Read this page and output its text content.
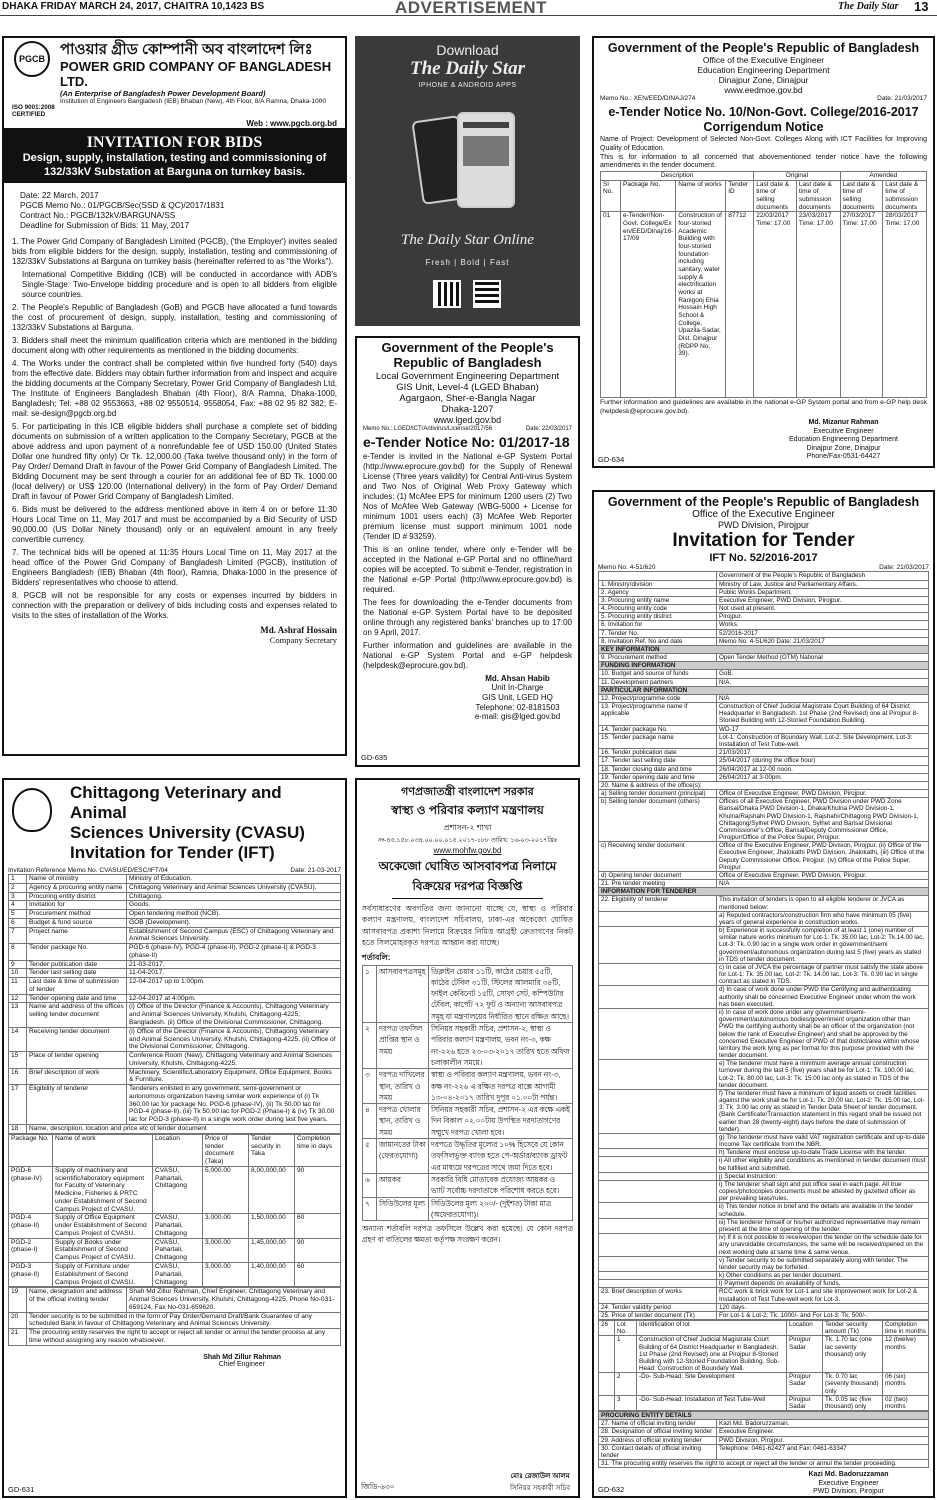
DHAKA FRIDAY MARCH 24, 2017, CHAITRA 10,1423 BS	ADVERTISEMENT	The Daily Star 13
PGCB
পাওয়ার গ্রীড কোম্পানী অব বাংলাদেশ লিঃ
POWER GRID COMPANY OF BANGLADESH LTD.
(An Enterprise of Bangladesh Power Development Board)
Institution of Engineers Bangladesh (IEB) Bhaban (New), 4th Floor, 8/A Ramna, Dhaka-1000
ISO 9001:2008 CERTIFIED
Web : www.pgcb.org.bd
INVITATION FOR BIDS
Design, supply, installation, testing and commissioning of 132/33kV Substation at Barguna on turnkey basis.
Date: 22 March, 2017
PGCB Memo No.: 01/PGCB/Sec(SSD & QC)/2017/1831
Contract No.: PGCB/132kV/BARGUNA/SS
Deadline for Submission of Bids: 11 May, 2017

1. The Power Grid Company of Bangladesh Limited (PGCB), ('the Employer') invites sealed bids from eligible bidders for the design, supply, installation, testing and commissioning of 132/33kV Substations at Barguna on turnkey basis (hereinafter referred to as "the Works").

International Competitive Bidding (ICB) will be conducted in accordance with ADB's Single-Stage: Two-Envelope bidding procedure and is open to all bidders from eligible source countries.

2. The People's Republic of Bangladesh (GoB) and PGCB have allocated a fund towards the cost of procurement of design, supply, installation, testing and commissioning of 132/33kV Substations at Barguna.

3. Bidders shall meet the minimum qualification criteria which are mentioned in the bidding document along with other requirements as mentioned in the bidding documents:

4. The Works under the contract shall be completed within five hundred forty (540) days from the effective date. Bidders may obtain further information from and inspect and acquire the bidding documents at the Company Secretary, Power Grid Company of Bangladesh Ltd, The Institute of Engineers Bangladesh Bhaban (4th Floor), 8/A Ramna, Dhaka-1000, Bangladesh; Tel: +88 02 9553663, +88 02 9550514, 9558054, Fax: +88 02 95 82 382; E-mail: se-design@pgcb.org.bd

5. For participating in this ICB eligible bidders shall purchase a complete set of bidding documents on submission of a written application to the Company Secretary, PGCB at the above address and upon payment of a nonrefundable fee of USD 150.00 (United States Dollar one hundred fifty only) Or Tk. 12,000.00 (Taka twelve thousand only) in the form of Pay Order/ Demand Draft in favour of the Power Grid Company of Bangladesh Limited. The Bidding Document may be sent through a courier for an additional fee of BD Tk. 1000.00 (local delivery) or US$ 120.00 (International delivery) in the form of Pay Order/ Demand Draft in favour of Power Grid Company of Bangladesh Limited.

6. Bids must be delivered to the address mentioned above in item 4 on or before 11:30 Hours Local Time on 11, May 2017 and must be accompanied by a Bid Security of USD 90,000.00 (US Dollar Ninety thousand) only or an equivalent amount in any freely convertible currency.

7. The technical bids will be opened at 11:35 Hours Local Time on 11, May 2017 at the head office of the Power Grid Company of Bangladesh Limited (PGCB), Institution of Engineers Bangladesh (IEB) Bhaban (4th floor), Ramna, Dhaka-1000 in the presence of Bidders' representatives who choose to attend.

8. PGCB will not be responsible for any costs or expenses incurred by bidders in connection with the preparation or delivery of bids including costs and expenses related to visits to the sites of installation of the Works.

Md. Ashraf Hossain
Company Secretary
Download
The Daily Star
IPHONE & ANDROID APPS
The Daily Star Online
Fresh | Bold | Fast
Government of the People's Republic of Bangladesh
Local Government Engineering Department
GIS Unit, Level-4 (LGED Bhaban)
Agargaon, Sher-e-Bangla Nagar
Dhaka-1207
www.lged.gov.bd
Memo No.: LGED/ICT/Antivirus/License/2017/56	Date: 22/03/2017
e-Tender Notice No: 01/2017-18

e-Tender is invited in the National e-GP System Portal (http://www.eprocure.gov.bd) for the Supply of Renewal License (Three years validity) for Central Anti-virus System and Two Nos of Original Web Proxy Gateway which includes: (1) McAfee EPS for minimum 1200 users (2) Two Nos of McAfee Web Gateway (WBG-5000 + License for minimum 1001 users each) (3) McAfee Web Reporter premium license must support minimum 1001 node (Tender ID # 93259).

This is an online tender, where only e-Tender will be accepted in the National e-GP Portal and no offline/hard copies will be accepted. To submit e-Tender, registration in the National e-GP Portal (http://www.eprocure.gov.bd) is required.

The fees for downloading the e-Tender documents from the National e-GP System Portal have to be deposited online through any registered banks' branches up to 17:00 on 9 April, 2017.

Further information and guidelines are available in the National e-GP System Portal and e-GP helpdesk (helpdesk@eprocure.gov.bd).

Md. Ahsan Habib
Unit In-Charge
GIS Unit, LGED HQ
Telephone: 02-8181503
e-mail: gis@lged.gov.bd
GD-635
Government of the People's Republic of Bangladesh
Office of the Executive Engineer
Education Engineering Department
Dinajpur Zone, Dinajpur
www.eedmoe.gov.bd
Memo No.: XEN/EED/DINAJ/274	Date: 21/03/2017
e-Tender Notice No. 10/Non-Govt. College/2016-2017
Corrigendum Notice

Name of Project: Development of Selected Non-Govt. Colleges Along with ICT Facilities for Improving Quality of Education.

This is for information to all concerned that abovementioned tender notice have the following amendments in the tender document.

Description				Original		Amended	
Sl No.	Package No.	Name of works	Tender ID	Last date & time of selling documents	Last date & time of submission documents	Last date & time of selling documents	Last date & time of submission documents
01	e-Tender/Non-Govt. College/Ex en/EED/Dinaj/16-17/09	Construction of four-storied Academic Building with four-storied foundation including sanitary, water supply & electrification works at Ranigonj Ehia Hossain High School & College, Upazila-Sadar, Dist. Dinajpur (RDPP No. 39).	87712	22/03/2017 Time: 17.00	23/03/2017 Time: 17.00	27/03/2017 Time: 17.00	28/03/2017 Time: 17.00

Further information and guidelines are available in the national e-GP System portal and from e-GP help desk (helpdesk@eprocure.gov.bd).

Md. Mizanur Rahman
Executive Engineer
Education Engineering Department
Dinajpur Zone, Dinajpur
Phone/Fax-0531-64427
GD-634
Government of the People's Republic of Bangladesh
Office of the Executive Engineer
PWD Division, Pirojpur
Invitation for Tender
IFT No. 52/2016-2017
Memo No. 4-51/620	Date: 21/03/2017
	Government of the People's Republic of Bangladesh
1. Ministry/division	Ministry of Law, Justice and Parliamentary Affairs.
2. Agency	Public Works Department.
3. Procuring entity name	Executive Engineer, PWD Division, Pirojpur.
4. Procuring entity code	Not used at present.
5. Procuring entity district	Pirojpur.
6. Invitation for	Works.
7. Tender No.	52/2016-2017
8. Invitation Ref. No and date	Memo No. 4-51/620 Date: 21/03/2017
KEY INFORMATION	
9. Procurement method	Open Tender Method (OTM) National
FUNDING INFORMATION	
10. Budget and source of funds	GoB.
11. Development partners	N/A.
PARTICULAR INFORMATION	
12. Project/programme code	N/A
13. Project/programme name if applicable	Construction of Chief Judicial Magistrate Court Building of 64 District Headquarter in Bangladesh. 1st Phase (2nd Revised) one at Pirojpur 8-Storied Building with 12-Storied Foundation Building.
14. Tender package No.	WD-17
15. Tender package name	Lot-1: Construction of Boundary Wall, Lot-2: Site Development, Lot-3: Installation of Test Tube-well.
16. Tender publication date	21/03/2017
17. Tender last selling date	25/04/2017 (during the office hour)
18. Tender closing date and time	26/04/2017 at 12-00 noon.
19. Tender opening date and time	26/04/2017 at 3-00pm.
20. Name & address of the office(s):	
a) Selling tender document (principal)	Office of Executive Engineer, PWD Division, Pirojpur.
b) Selling tender document (others)	Offices of all Executive Engineer, PWD Division under PWD Zone Barisal/Dhaka PWD Division-1, Dhaka/Khulna PWD Division-1, Khulna/Rajshahi PWD Division-1, Rajshahi/Chittagong PWD Division-1, Chittagong/Sylhet PWD Division, Sylhet and Barisal Divisional Commissioner's Office, Barisal/Deputy Commissioner Office, Pirojpur/Office of the Police Super, Pirojpur.
c) Receiving tender document	Office of the Executive Engineer, PWD Division, Pirojpur. (ii) Office of the Executive Engineer, Jhalokathi PWD Division, Jhalokathi, (iii) Office of the Deputy Commissioner Office, Pirojpur. (iv) Office of the Police Super, Pirojpur.
d) Opening tender document	Office of Executive Engineer, PWD Division, Pirojpur.
21. Pre tender meeting	N/A
INFORMATION FOR TENDERER	
22. Eligibility of tenderer	This invitation of tenders is open to all eligible tenderer or JVCA as mentioned below:
	a) Reputed contractors/construction firm who have minimum 05 (five) years of general experience in construction works.
	b) Experience in successfully completion of at least 1 (one) number of similar nature works minimum for Lot-1: Tk. 35.00 lac, Lot-2: Tk.14.00 lac, Lot-3: Tk. 0.90 lac in a single work order in government/semi government/autonomous organization during last 5 (five) years as stated in TDS of tender document.
	c) In case of JVCA the percentage of partner must satisfy the state above for Lot-1: Tk. 35.00 lac, Lot-2: Tk. 14.00 lac, Lot-3: Tk. 0.90 lac in single contract as stated in TDS.
	d) In case of work done under PWD the Certifying and authenticating authority shall be concerned Executive Engineer under whom the work has been executed.
	ii) In case of work done under any government/semi-government/autonomous bodies/government organization other than PWD the certifying authority shall be an officer of the organization (not below the rank of Executive Engineer) and shall be approved by the concerned Executive Engineer of PWD of that district/area within whose territory the work lying as per format for this purpose provided with the tender document.
	e) The tenderer must have a minimum average annual construction turnover during the last 5 (five) years shall be for Lot-1: Tk. 100.00 lac, Lot-2: Tk. 80.00 lac, Lot-3: Tk. 15.00 lac only as stated in TDS of the tender document.
	f) The tenderer must have a minimum of liquid assets or credit facilities against the work shall be for Lot-1: Tk. 20.00 lac, Lot-2: Tk. 15.00 lac, Lot-3: Tk. 3.00 lac only as stated in Tender Data Sheet of tender document. (Bank Certificate/Transaction statement in this regard shall be issued not earlier than 28 (twenty-eight) days before the date of submission of tender).
	g) The tenderer must have valid VAT registration certificate and up-to-date Income Tax certificate from the NBR.
	h) Tenderer must enclose up-to-date Trade License with the tender.
	i) All other eligibility and conditions as mentioned in tender document must be fulfilled and submitted.
	j) Special instruction:
	i) The tenderer shall sign and put office seal in each page. All true copies/photocopies documents must be attested by gazetted officer as per prevailing laws/rules.
	ii) This tender notice in brief and the details are available in the tender schedule.
	iii) The tenderer himself or his/her authorized representative may remain present at the time of opening of the tender.
	iv) If it is not possible to receive/open the tender on the schedule date for any unavoidable circumstances, the same will be received/opened on the next working date at same time & same venue.
	v) Tender security to be submitted separately along with tender. The tender security may be forfeited.
	k) Other conditions as per tender document.
	l) Payment depends on availability of funds.
23. Brief description of works	RCC work & brick work for Lot-1 and site improvement work for Lot-2 & Installation of Test Tube-well work for Lot-3.
24. Tender validity period	120 days.
25. Price of tender document (Tk)	For Lot-1 & Lot-2: Tk. 1000/- and For Lot-3: Tk. 500/-.
26	Lot No.	Identification of lot	Location	Tender security amount (Tk)	Completion time in months
	1	Construction of Chief Judicial Magistrate Court Building of 64 District Headquarter in Bangladesh. 1st Phase (2nd Revised) one at Pirojpur 8-Storied Building with 12-Storied Foundation Building. Sub-Head: Construction of Boundary Wall.	Pirojpur Sadar	Tk. 1.70 lac (one lac seventy thousand) only	12 (twelve) months
	2	-Do- Sub-Head: Site Development	Pirojpur Sadar	Tk. 0.70 lac (seventy thousand) only	06 (six) months
	3	-Do- Sub-Head: Installation of Test Tube-Well	Pirojpur Sadar	Tk. 0.05 lac (five thousand) only	02 (two) months
PROCURING ENTITY DETAILS	
27. Name of official inviting tender	Kazi Md. Badoruzzaman.
28. Designation of official inviting tender	Executive Engineer.
29. Address of official inviting tender	PWD Division, Pirojpur.
30. Contact details of official inviting tender	Telephone: 0461-62427 and Fax: 0461-63347
31. The procuring entity reserves the right to accept or reject all the tender or annul the tender proceeding.	
Kazi Md. Badoruzzaman
Executive Engineer
PWD Division, Pirojpur
GD-632
Chittagong Veterinary and Animal
Sciences University (CVASU)
Invitation for Tender (IFT)
Invitation Reference Memo No. CVASU/ED/ESC/IFT/04	Date: 21-03-2017
1	Name of ministry	Ministry of Education.
2	Agency & procuring entity name	Chittagong Veterinary and Animal Sciences University (CVASU).
3	Procuring entity district	Chittagong.
4	Invitation for	Goods.
5	Procurement method	Open tendering method (NCB).
6	Budget & fund source	GOB (Development).
7	Project name	Establishment of Second Campus (ESC) of Chittagong Veterinary and Animal Sciences University.
8	Tender package No.	PGD-6 (phase-IV), PGD-4 (phase-II), PGD-2 (phase-I) & PGD-3 (phase-II)
9	Tender publication date	21-03-2017.
10	Tender last selling date	11-04-2017.
11	Last date & time of submission of tender	12-04-2017 up to 1:00pm.
12	Tender opening date and time	12-04-2017 at 4:00pm.
13	Name and address of the offices selling tender document	(i) Office of the Director (Finance & Accounts), Chittagong Veterinary and Animal Sciences University, Khulshi, Chittagong-4225, Bangladesh. (ii) Office of the Divisional Commissioner, Chittagong.
14	Receiving tender document	(i) Office of the Director (Finance & Accounts), Chittagong Veterinary and Animal Sciences University, Khulshi, Chittagong-4225. (ii) Office of the Divisional Commissioner, Chittagong.
15	Place of tender opening	Conference Room (New), Chittagong Veterinary and Animal Sciences University, Khulshi, Chittagong-4225.
16	Brief description of work	Machinery, Scientific/Laboratory Equipment, Office Equipment, Books & Furniture.
17	Eligibility of tenderer	Tenderers enlisted in any government, semi-government or autonomous organization having similar work experience of (i) Tk 360.00 lac for package No. PGD-6 (phase-IV), (ii) Tk 50.00 lac for PGD-4 (phase-II), (iii) Tk 50.00 lac for PGD-2 (Phase-I) & (iv) Tk 30.00 lac for PGD-3 (phase-II) in a single work order during last five years.
18	Name, description, location and price etc of tender document	
Package No.	Name of work	Location	Price of tender document (Taka)	Tender security in Taka	Completion time in days
PGD-6 (phase-IV)	Supply of machinery and scientific/laboratory equipment for Faculty of Veterinary Medicine, Fisheries & PRTC under Establishment of Second Campus Project of CVASU.	CVASU, Pahartali, Chittagong	5,000.00	8,00,000.00	90
PGD-4 (phase-II)	Supply of Office Equipment under Establishment of Second Campus Project of CVASU.	CVASU, Pahartali, Chittagong	3,000.00	1,50,000.00	60
PGD-2 (phase-I)	Supply of Books under Establishment of Second Campus Project of CVASU.	CVASU, Pahartali, Chittagong	3,000.00	1,45,000.00	90
PGD-3 (phase-II)	Supply of Furniture under Establishment of Second Campus Project of CVASU.	CVASU, Pahartali, Chittagong	3,000.00	1,40,000.00	60
19	Name, designation and address of the official inviting tender	Shah Md Zillur Rahman, Chief Engineer, Chittagong Veterinary and Animal Sciences University, Khulshi, Chittagong-4225, Phone No-031-659124, Fax No-031-659620.
20	Tender security is to be submitted in the form of Pay Order/Demand Draft/Bank Guarantee of any scheduled Bank in favour of Chittagong Veterinary and Animal Sciences University.	
21	The procuring entity reserves the right to accept or reject all tender or annul the tender process at any time without assigning any reason whatsoever.	
Shah Md Zillur Rahman
Chief Engineer
GD-631
গণপ্রজাতন্ত্রী বাংলাদেশ সরকার
স্বাস্থ্য ও পরিবার কল্যাণ মন্ত্রণালয়
প্রশাসন-২ শাখা
নং-৪৫.১৫৮.০৩৪.০০.০০.০১৫.২০১৭-১৮৮ তারিখ: ১৬-০৩-২০১৭খ্রিঃ
www.mohfw.gov.bd
অকেজো ঘোষিত আসবাবপত্র নিলামে
বিক্রয়ের দরপত্র বিজ্ঞপ্তি

সর্বসাধারণের অবগতির জন্য জানানো যাচ্ছে যে, স্বাস্থ্য ও পরিবার কল্যাণ মন্ত্রণালয়, বাংলাদেশ সচিবালয়, ঢাকা-এর অকেজো ঘোষিত আসবাবপত্র প্রকাশ্য নিলামে বিক্রয়ের নিমিত্ত আগ্রহী ক্রেতাগণের নিকট হতে সিলমোহরকৃত দরপত্র আহ্বান করা যাচ্ছে।

শর্তাবলি:
১	আসবাবপত্রসমূহ	ডিক্লাইন চেয়ার ১১টি, কাঠের চেয়ার ৫৫টি, কাঠের টেবিল ৩১টি, স্টিলের আলমারি ৩৪টি, ফাইল কেবিনেট ১৫টি, সোফা সেট, কম্পিউটার টেবিল, কার্পেট ৭২ ফুট ও অন্যান্য আসবাবপত্র সমূহ যা মন্ত্রণালয়ের নির্ধারিত স্থানে রক্ষিত আছে।
২	দরপত্র তফসিল প্রাপ্তির স্থান ও সময়	সিনিয়র সহকারী সচিব, প্রশাসন-২, স্বাস্থ্য ও পরিবার কল্যাণ মন্ত্রণালয়, ভবন নং-৩, কক্ষ নং-২২৬ হতে ২৩-০৩-২০১৭ তারিখ হতে অফিস চলাকালীন সময়ে।
৩	দরপত্র দাখিলের স্থান, তারিখ ও সময়	স্বাস্থ্য ও পরিবার কল্যাণ মন্ত্রণালয়, ভবন নং-৩, কক্ষ নং-২২৬ এ রক্ষিত দরপত্র বাক্সে আগামী ১৩-০৪-২০১৭ তারিখ দুপুর ০১.০০টা পর্যন্ত।
৪	দরপত্র খোলার স্থান, তারিখ ও সময়	সিনিয়র সহকারী সচিব, প্রশাসন-২ এর কক্ষে একই দিন বিকাল ০২.০০টায় উপস্থিত দরদাতাগণের সম্মুখে দরপত্র খোলা হবে।
৫	জামানতের টাকা (ফেরতযোগ্য)	দরপত্রে উদ্ধৃতির মূল্যের ১০% হিসেবে যে কোন তফসিলভুক্ত ব্যাংক হতে পে-অর্ডার/ব্যাংক ড্রাফট এর মাধ্যমে দরপত্রের সাথে জমা দিতে হবে।
৬	আয়কর	সরকারি বিধি মোতাবেক প্রযোজ্য আয়কর ও ভ্যাট সর্বোচ্চ দরদাতাকে পরিশোধ করতে হবে।
৭	সিডিউলের মূল্য	সিডিউলের মূল্য ২০০/- (দুইশত) টাকা মাত্র (অফেরতযোগ্য)।

অন্যান্য শর্তাবলি দরপত্র তফসিলে উল্লেখ করা হয়েছে। যে কোন দরপত্র গ্রহণ বা বাতিলের ক্ষমতা কর্তৃপক্ষ সংরক্ষণ করেন।

জিডি-৬৩০
মোঃ রেজাউল আলম
সিনিয়র সহকারী সচিব
